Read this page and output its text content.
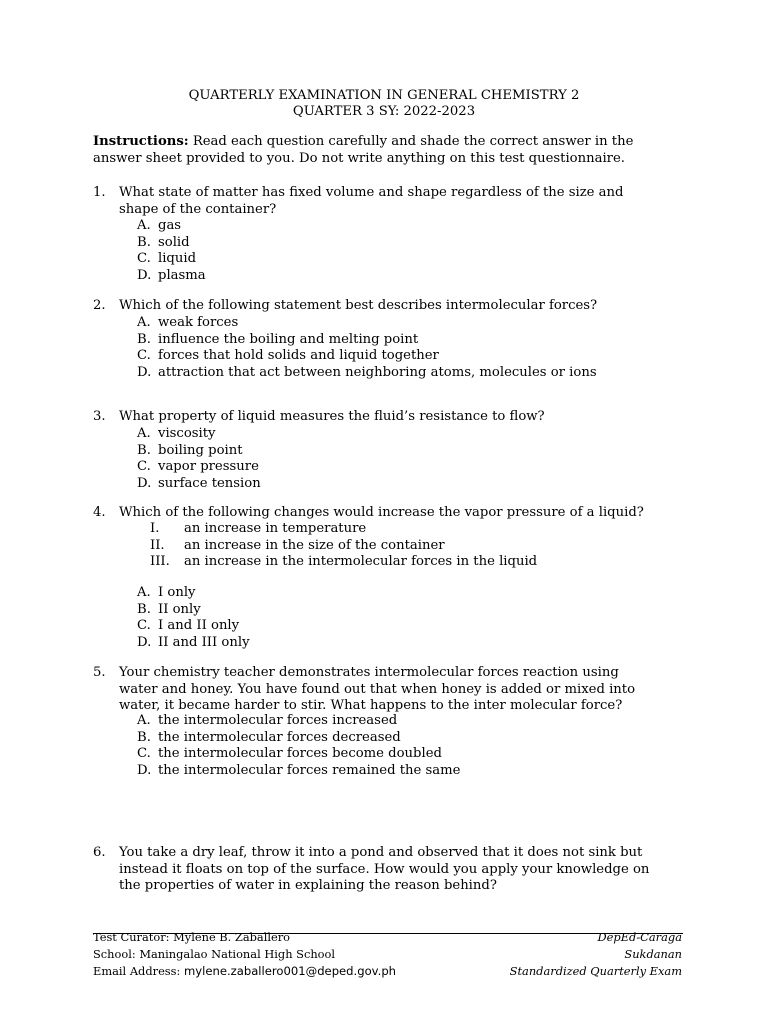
QUARTERLY EXAMINATION IN GENERAL CHEMISTRY 2
QUARTER 3 SY: 2022-2023
Instructions: Read each question carefully and shade the correct answer in the answer sheet provided to you. Do not write anything on this test questionnaire.
1.	What state of matter has fixed volume and shape regardless of the size and shape of the container?
A. gas
B. solid
C. liquid
D. plasma
2.	Which of the following statement best describes intermolecular forces?
A. weak forces
B. influence the boiling and melting point
C. forces that hold solids and liquid together
D. attraction that act between neighboring atoms, molecules or ions
3.	What property of liquid measures the fluid’s resistance to flow?
A. viscosity
B. boiling point
C. vapor pressure
D. surface tension
4.	Which of the following changes would increase the vapor pressure of a liquid?
I. an increase in temperature
II. an increase in the size of the container
III. an increase in the intermolecular forces in the liquid
A. I only
B. II only
C. I and II only
D. II and III only
5.	Your chemistry teacher demonstrates intermolecular forces reaction using water and honey. You have found out that when honey is added or mixed into water, it became harder to stir. What happens to the inter molecular force?
A. the intermolecular forces increased
B. the intermolecular forces decreased
C. the intermolecular forces become doubled
D. the intermolecular forces remained the same
6.	You take a dry leaf, throw it into a pond and observed that it does not sink but instead it floats on top of the surface. How would you apply your knowledge on the properties of water in explaining the reason behind?
Test Curator: Mylene B. Zaballero
School: Maningalao National High School
Email Address: mylene.zaballero001@deped.gov.ph
DepEd-Caraga
Sukdanan
Standardized Quarterly Exam
